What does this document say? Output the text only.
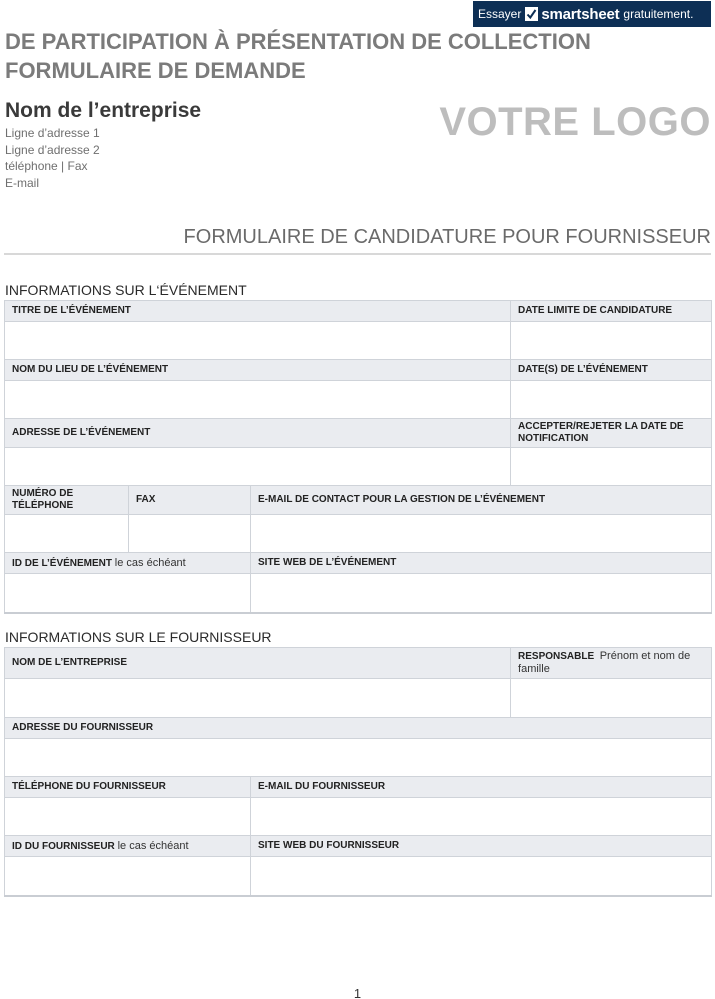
Essayer smartsheet gratuitement.
DE PARTICIPATION À PRÉSENTATION DE COLLECTION
FORMULAIRE DE DEMANDE
Nom de l’entreprise
Ligne d’adresse 1
Ligne d’adresse 2
téléphone | Fax
E-mail
VOTRE LOGO
FORMULAIRE DE CANDIDATURE POUR FOURNISSEUR
INFORMATIONS SUR L‘ÉVÉNEMENT
TITRE DE L’ÉVÉNEMENT			DATE LIMITE DE CANDIDATURE

NOM DU LIEU DE L’ÉVÉNEMENT			DATE(S) DE L’ÉVÉNEMENT

ADRESSE DE L’ÉVÉNEMENT			ACCEPTER/REJETER LA DATE DE NOTIFICATION

NUMÉRO DE TÉLÉPHONE	FAX	E-MAIL DE CONTACT POUR LA GESTION DE L’ÉVÉNEMENT	

ID DE L’ÉVÉNEMENT le cas échéant		SITE WEB DE L’ÉVÉNEMENT	

INFORMATIONS SUR LE FOURNISSEUR
NOM DE L’ENTREPRISE		RESPONSABLE Prénom et nom de famille

ADRESSE DU FOURNISSEUR		

TÉLÉPHONE DU FOURNISSEUR	E-MAIL DU FOURNISSEUR	

ID DU FOURNISSEUR le cas échéant	SITE WEB DU FOURNISSEUR	

1
